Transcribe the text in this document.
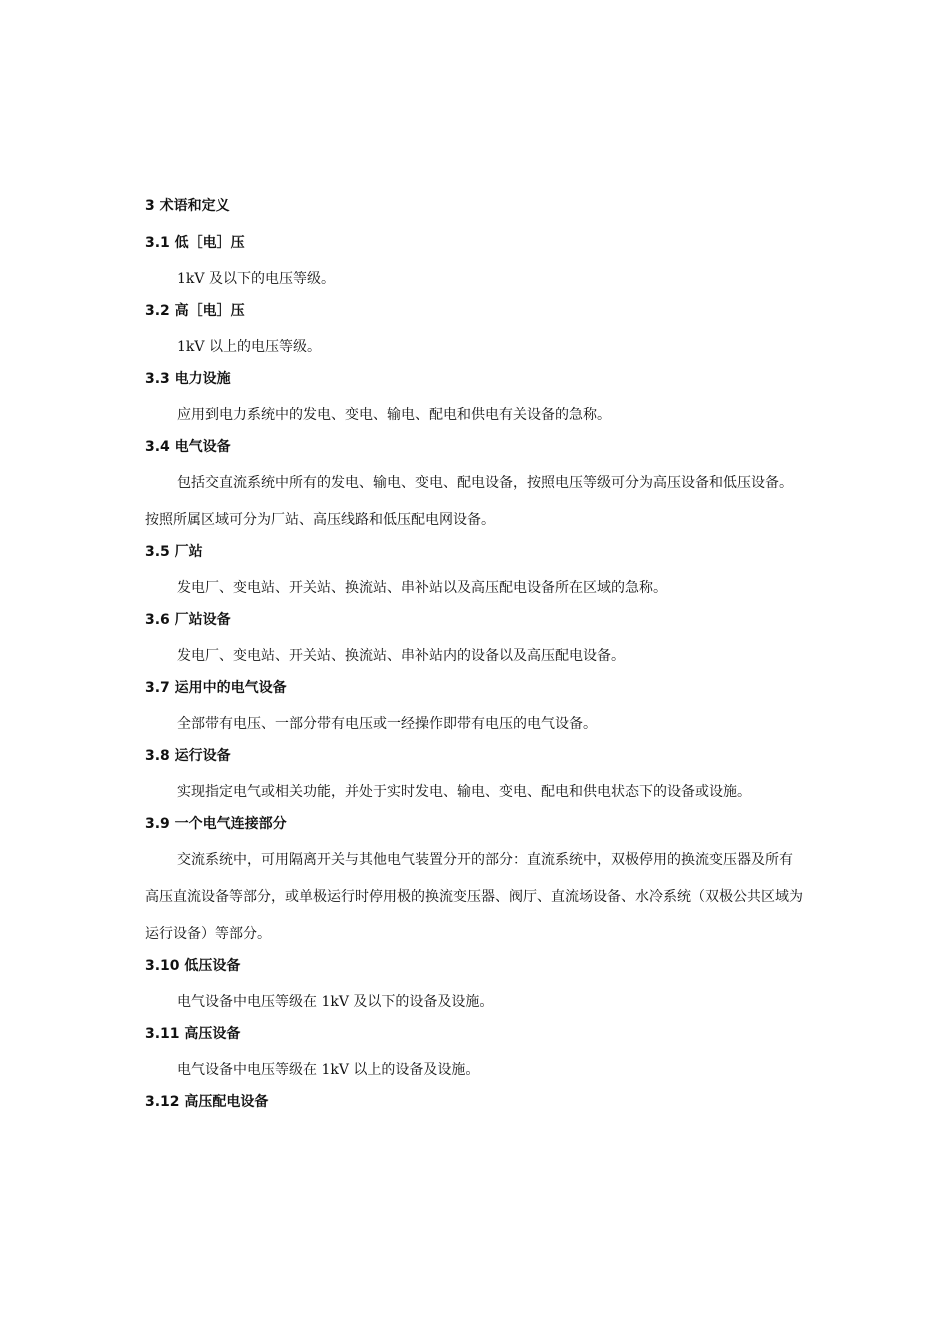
3 术语和定义
3.1 低［电］压
1kV 及以下的电压等级。
3.2 高［电］压
1kV 以上的电压等级。
3.3 电力设施
应用到电力系统中的发电、变电、输电、配电和供电有关设备的急称。
3.4 电气设备
包括交直流系统中所有的发电、输电、变电、配电设备，按照电压等级可分为高压设备和低压设备。按照所属区域可分为厂站、高压线路和低压配电网设备。
3.5 厂站
发电厂、变电站、开关站、换流站、串补站以及高压配电设备所在区域的急称。
3.6 厂站设备
发电厂、变电站、开关站、换流站、串补站内的设备以及高压配电设备。
3.7 运用中的电气设备
全部带有电压、一部分带有电压或一经操作即带有电压的电气设备。
3.8 运行设备
实现指定电气或相关功能，并处于实时发电、输电、变电、配电和供电状态下的设备或设施。
3.9 一个电气连接部分
交流系统中，可用隔离开关与其他电气装置分开的部分：直流系统中，双极停用的换流变压器及所有高压直流设备等部分，或单极运行时停用极的换流变压器、阀厅、直流场设备、水冷系统（双极公共区域为运行设备）等部分。
3.10 低压设备
电气设备中电压等级在 1kV 及以下的设备及设施。
3.11 高压设备
电气设备中电压等级在 1kV 以上的设备及设施。
3.12 高压配电设备
